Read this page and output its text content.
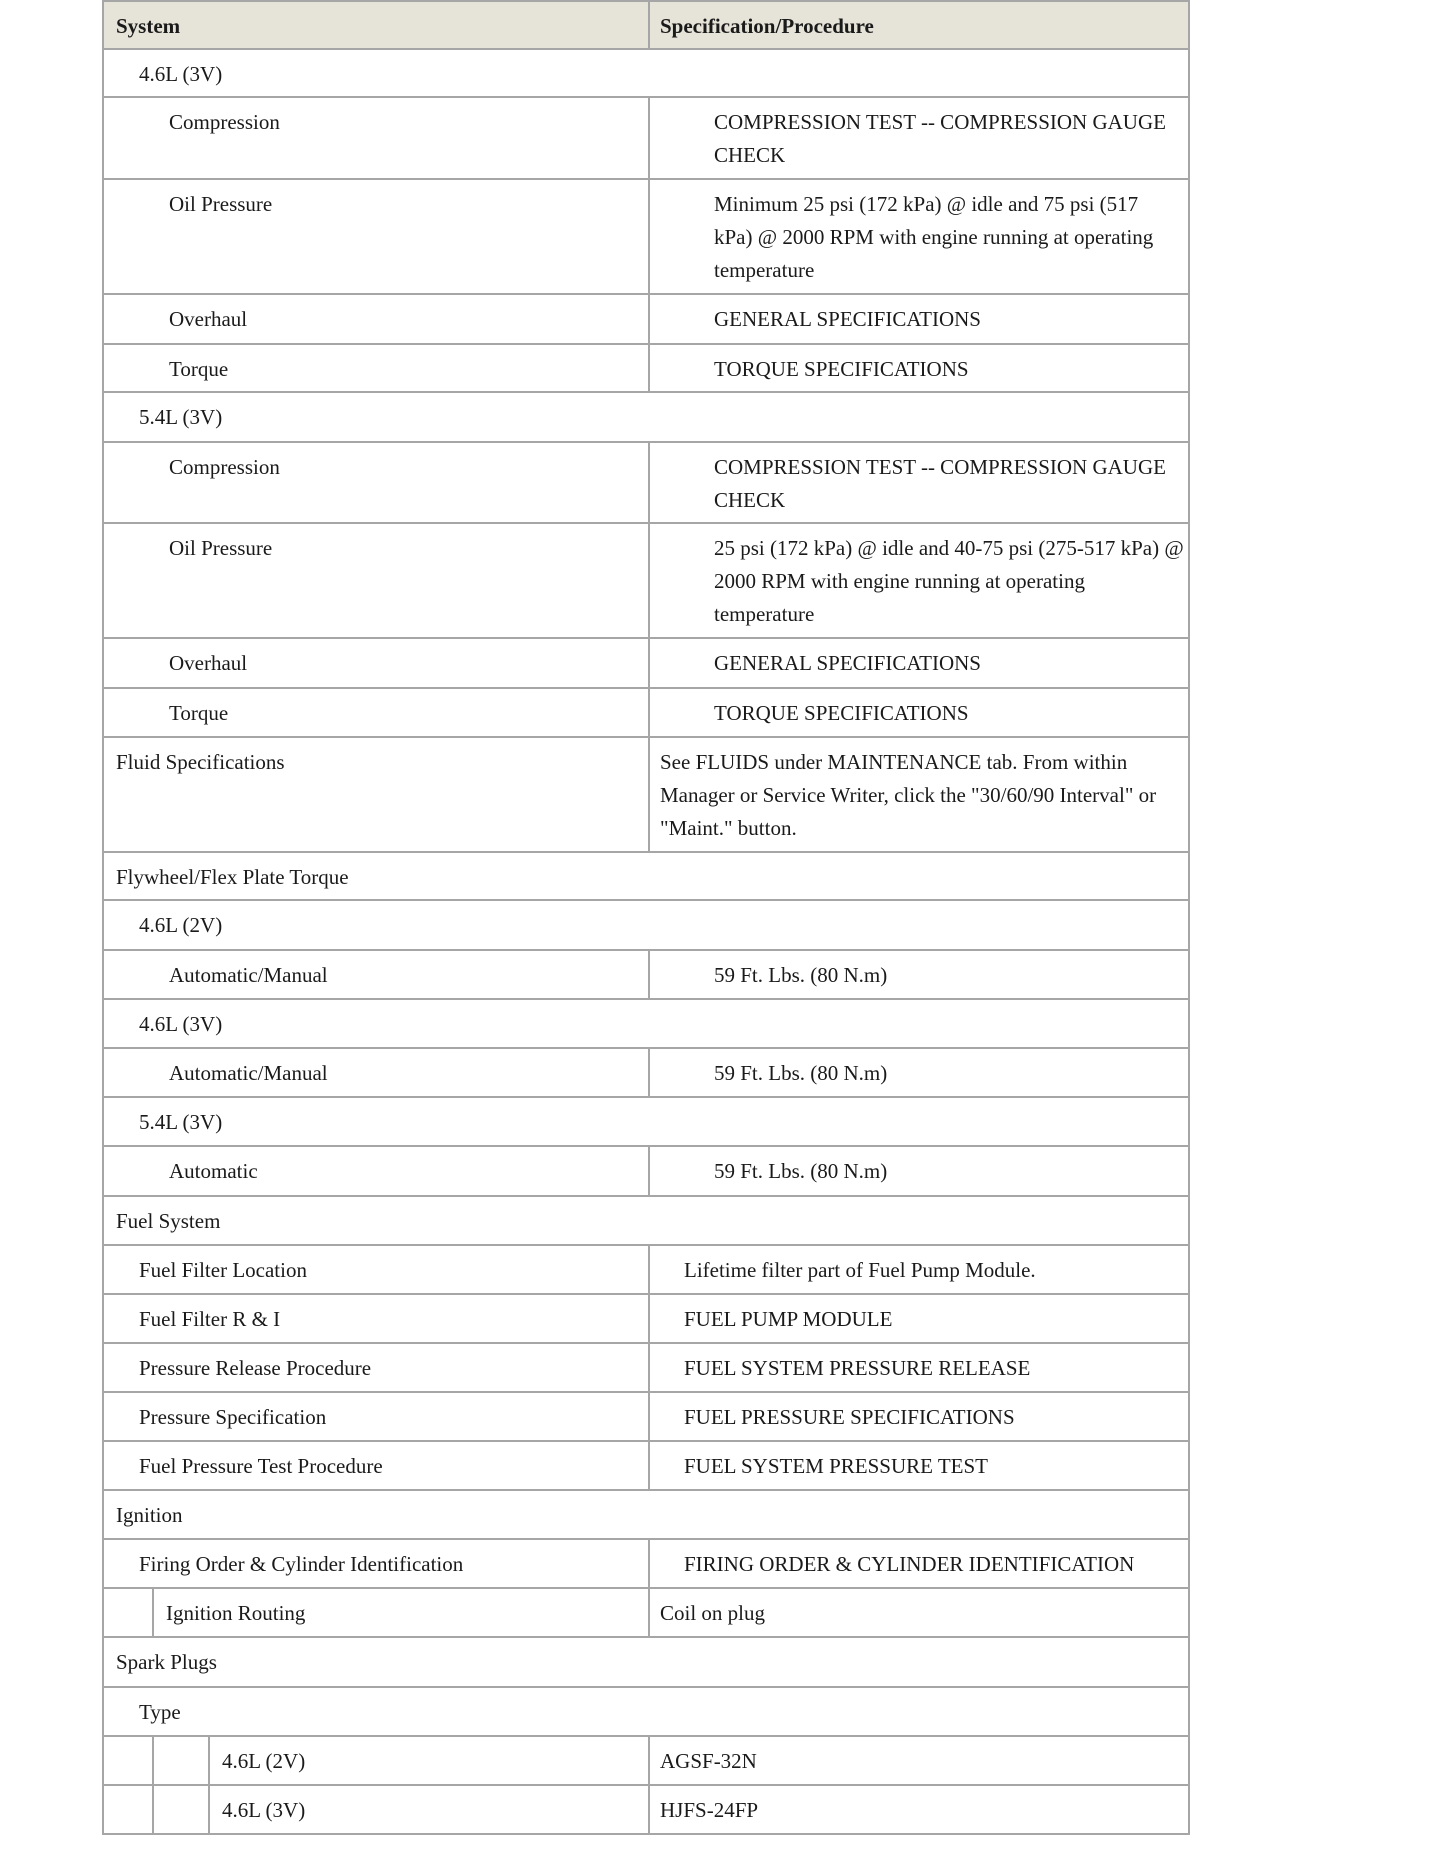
System	Specification/Procedure
4.6L (3V)
Compression	COMPRESSION TEST -- COMPRESSION GAUGE CHECK
Oil Pressure	Minimum 25 psi (172 kPa) @ idle and 75 psi (517 kPa) @ 2000 RPM with engine running at operating temperature
Overhaul	GENERAL SPECIFICATIONS
Torque	TORQUE SPECIFICATIONS
5.4L (3V)
Compression	COMPRESSION TEST -- COMPRESSION GAUGE CHECK
Oil Pressure	25 psi (172 kPa) @ idle and 40-75 psi (275-517 kPa) @ 2000 RPM with engine running at operating temperature
Overhaul	GENERAL SPECIFICATIONS
Torque	TORQUE SPECIFICATIONS
Fluid Specifications	See FLUIDS under MAINTENANCE tab. From within Manager or Service Writer, click the "30/60/90 Interval" or "Maint." button.
Flywheel/Flex Plate Torque
4.6L (2V)
Automatic/Manual	59 Ft. Lbs. (80 N.m)
4.6L (3V)
Automatic/Manual	59 Ft. Lbs. (80 N.m)
5.4L (3V)
Automatic	59 Ft. Lbs. (80 N.m)
Fuel System
Fuel Filter Location	Lifetime filter part of Fuel Pump Module.
Fuel Filter R & I	FUEL PUMP MODULE
Pressure Release Procedure	FUEL SYSTEM PRESSURE RELEASE
Pressure Specification	FUEL PRESSURE SPECIFICATIONS
Fuel Pressure Test Procedure	FUEL SYSTEM PRESSURE TEST
Ignition
Firing Order & Cylinder Identification	FIRING ORDER & CYLINDER IDENTIFICATION
Ignition Routing	Coil on plug
Spark Plugs
Type
4.6L (2V)	AGSF-32N
4.6L (3V)	HJFS-24FP
